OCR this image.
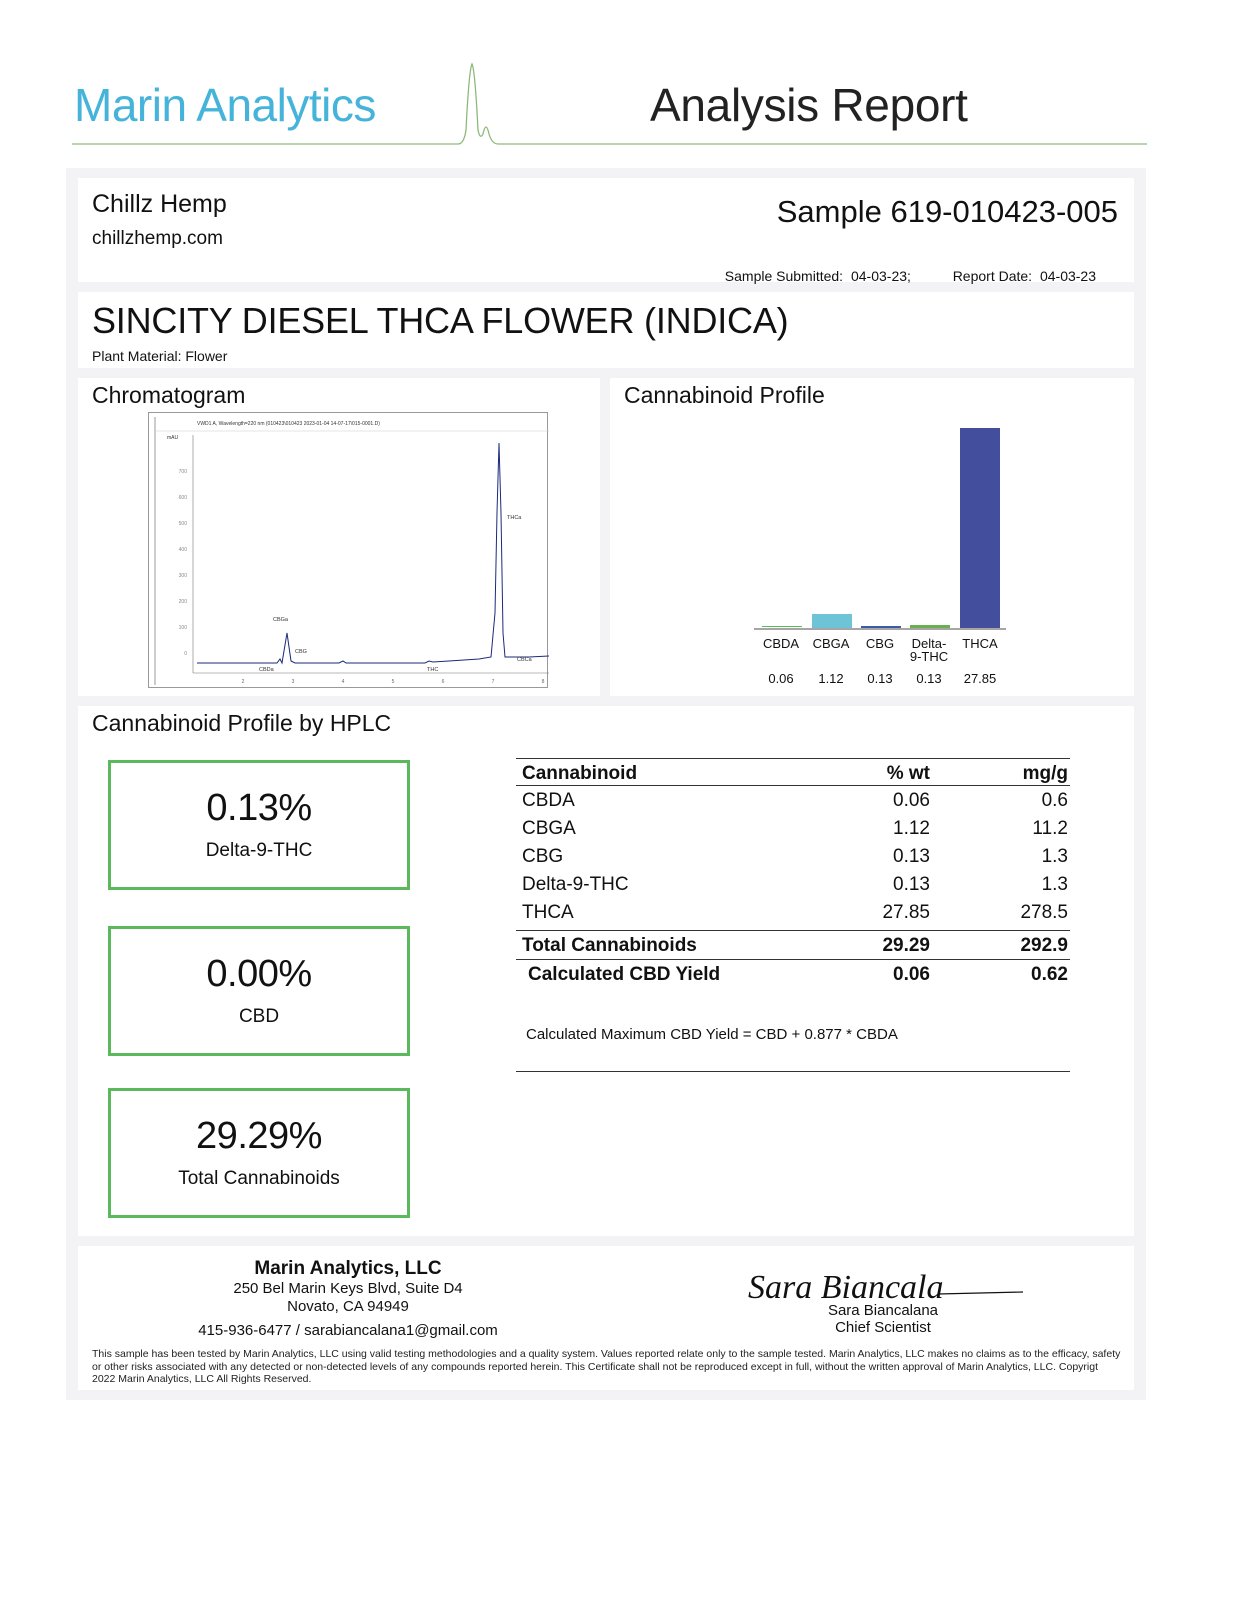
Marin Analytics	Analysis Report
Chillz Hemp
chillzhemp.com
Sample 619-010423-005
Sample Submitted: 04-03-23;	Report Date: 04-03-23
SINCITY DIESEL THCA FLOWER (INDICA)
Plant Material: Flower
Chromatogram
VWD1 A, Wavelength=220 nm (010423\010423 2023-01-04 14-07-17\015-0001.D)
mAU
700
600
500
400
300
200
100
0
2	3	4	5	6	7	8
CBGa
CBG
CBDa	THC
THCa
CBCa
Cannabinoid Profile
CBDA CBGA CBG Delta-
9-THC
THCA
0.06 1.12 0.13 0.13 27.85
Cannabinoid Profile by HPLC
0.13%
Delta-9-THC
0.00%
CBD
29.29%
Total Cannabinoids
Cannabinoid	% wt	mg/g
CBDA	0.06	0.6
CBGA	1.12	11.2
CBG	0.13	1.3
Delta-9-THC	0.13	1.3
THCA	27.85	278.5
Total Cannabinoids	29.29	292.9
Calculated CBD Yield	0.06	0.62
Calculated Maximum CBD Yield = CBD + 0.877 * CBDA
Marin Analytics, LLC
250 Bel Marin Keys Blvd, Suite D4
Novato, CA 94949
415-936-6477 / sarabiancalana1@gmail.com
Sara Biancala
Sara Biancalana
Chief Scientist
This sample has been tested by Marin Analytics, LLC using valid testing methodologies and a quality system. Values reported relate only to the sample tested. Marin Analytics, LLC makes no claims as to the efficacy, safety or other risks associated with any detected or non-detected levels of any compounds reported herein. This Certificate shall not be reproduced except in full, without the written approval of Marin Analytics, LLC. Copyrigt 2022 Marin Analytics, LLC All Rights Reserved.
